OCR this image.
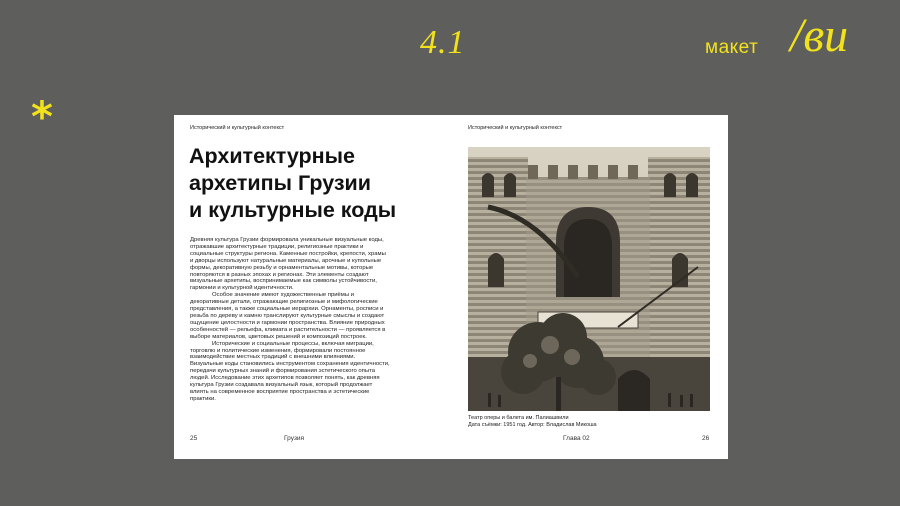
4.1	макет /ви
*	Исторический и культурный контекст
Архитектурные
архетипы Грузии
и культурные коды

Древняя культура Грузии формировала уникальные визуальные коды, отражавшие архитектурные традиции, религиозные практики и социальные структуры региона. Каменные постройки, крепости, храмы и дворцы используют натуральные материалы, арочные и купольные формы, декоративную резьбу и орнаментальные мотивы, которые повторяются в разных эпохах и регионах. Эти элементы создают визуальные архетипы, воспринимаемые как символы устойчивости, гармонии и культурной идентичности.

Особое значение имеют художественные приёмы и декоративные детали, отражающие религиозные и мифологические представления, а также социальные иерархии. Орнаменты, росписи и резьба по дереву и камню транслируют культурные смыслы и создают ощущение целостности и гармонии пространства. Влияние природных особенностей — рельефа, климата и растительности — проявляется в выборе материалов, цветовых решений и композиций построек.

Исторические и социальные процессы, включая миграции, торговлю и политические изменения, формировали постоянное взаимодействие местных традиций с внешними влияниями. Визуальные коды становились инструментом сохранения идентичности, передачи культурных знаний и формирования эстетического опыта людей. Исследование этих архетипов позволяет понять, как древняя культура Грузии создавала визуальный язык, который продолжает влиять на современное восприятие пространства и эстетические практики.

25	Грузия
Исторический и культурный контекст
Театр оперы и балета им. Палиашвили
Дата съёмки: 1951 год. Автор: Владислав Микоша
Глава 02	26
